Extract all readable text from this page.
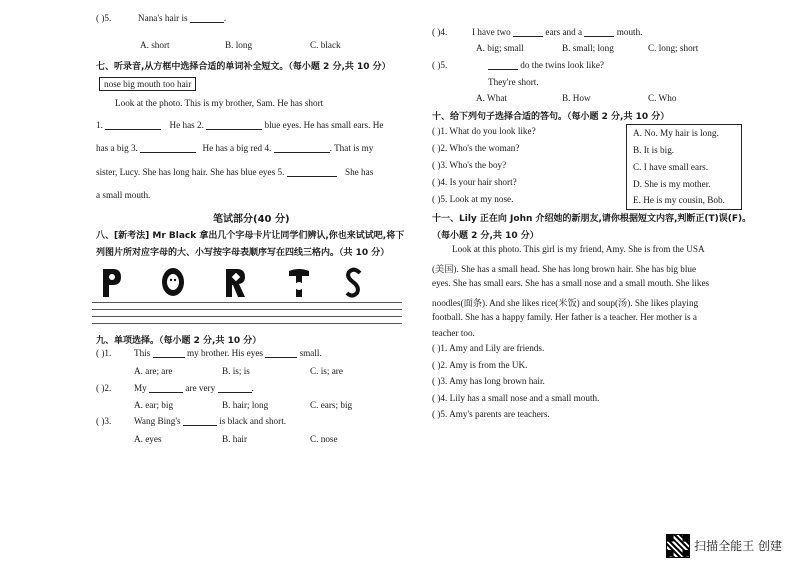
( )5.	Nana's hair is	.
A. short	B. long	C. black
七、听录音,从方框中选择合适的单词补全短文。（每小题 2 分,共 10 分）
nose big mouth too hair
Look at the photo. This is my brother, Sam. He has short
1.	He has 2.	blue eyes. He has small ears. He
has a big 3.	He has a big red 4.	. That is my
sister, Lucy. She has long hair. She has blue eyes 5.	She has
a small mouth.
笔试部分(40 分)
八、[新考法] Mr Black 拿出几个字母卡片让同学们辨认,你也来试试吧,将下
列图片所对应字母的大、小写按字母表顺序写在四线三格内。（共 10 分）
九、单项选择。（每小题 2 分,共 10 分）
( )1. This	my brother. His eyes	small.
A. are; are	B. is; is	C. is; are
( )2. My	are very	.
A. ear; big	B. hair; long	C. ears; big
( )3. Wang Bing's	is black and short.
A. eyes	B. hair	C. nose
( )4.	I have two	ears and a	mouth.
A. big; small	B. small; long	C. long; short
( )5.	do the twins look like?
They're short.
A. What	B. How	C. Who
十、给下列句子选择合适的答句。（每小题 2 分,共 10 分）
( )1. What do you look like?
( )2. Who's the woman?
( )3. Who's the boy?
( )4. Is your hair short?
( )5. Look at my nose.
A. No. My hair is long.
B. It is big.
C. I have small ears.
D. She is my mother.
E. He is my cousin, Bob.
十一、Lily 正在向 John 介绍她的新朋友,请你根据短文内容,判断正(T)误(F)。
（每小题 2 分,共 10 分）
Look at this photo. This girl is my friend, Amy. She is from the USA
(美国). She has a small head. She has long brown hair. She has big blue
eyes. She has small ears. She has a small nose and a small mouth. She likes
noodles(面条). And she likes rice(米饭) and soup(汤). She likes playing
football. She has a happy family. Her father is a teacher. Her mother is a
teacher too.
( )1. Amy and Lily are friends.
( )2. Amy is from the UK.
( )3. Amy has long brown hair.
( )4. Lily has a small nose and a small mouth.
( )5. Amy's parents are teachers.
扫描全能王 创建
